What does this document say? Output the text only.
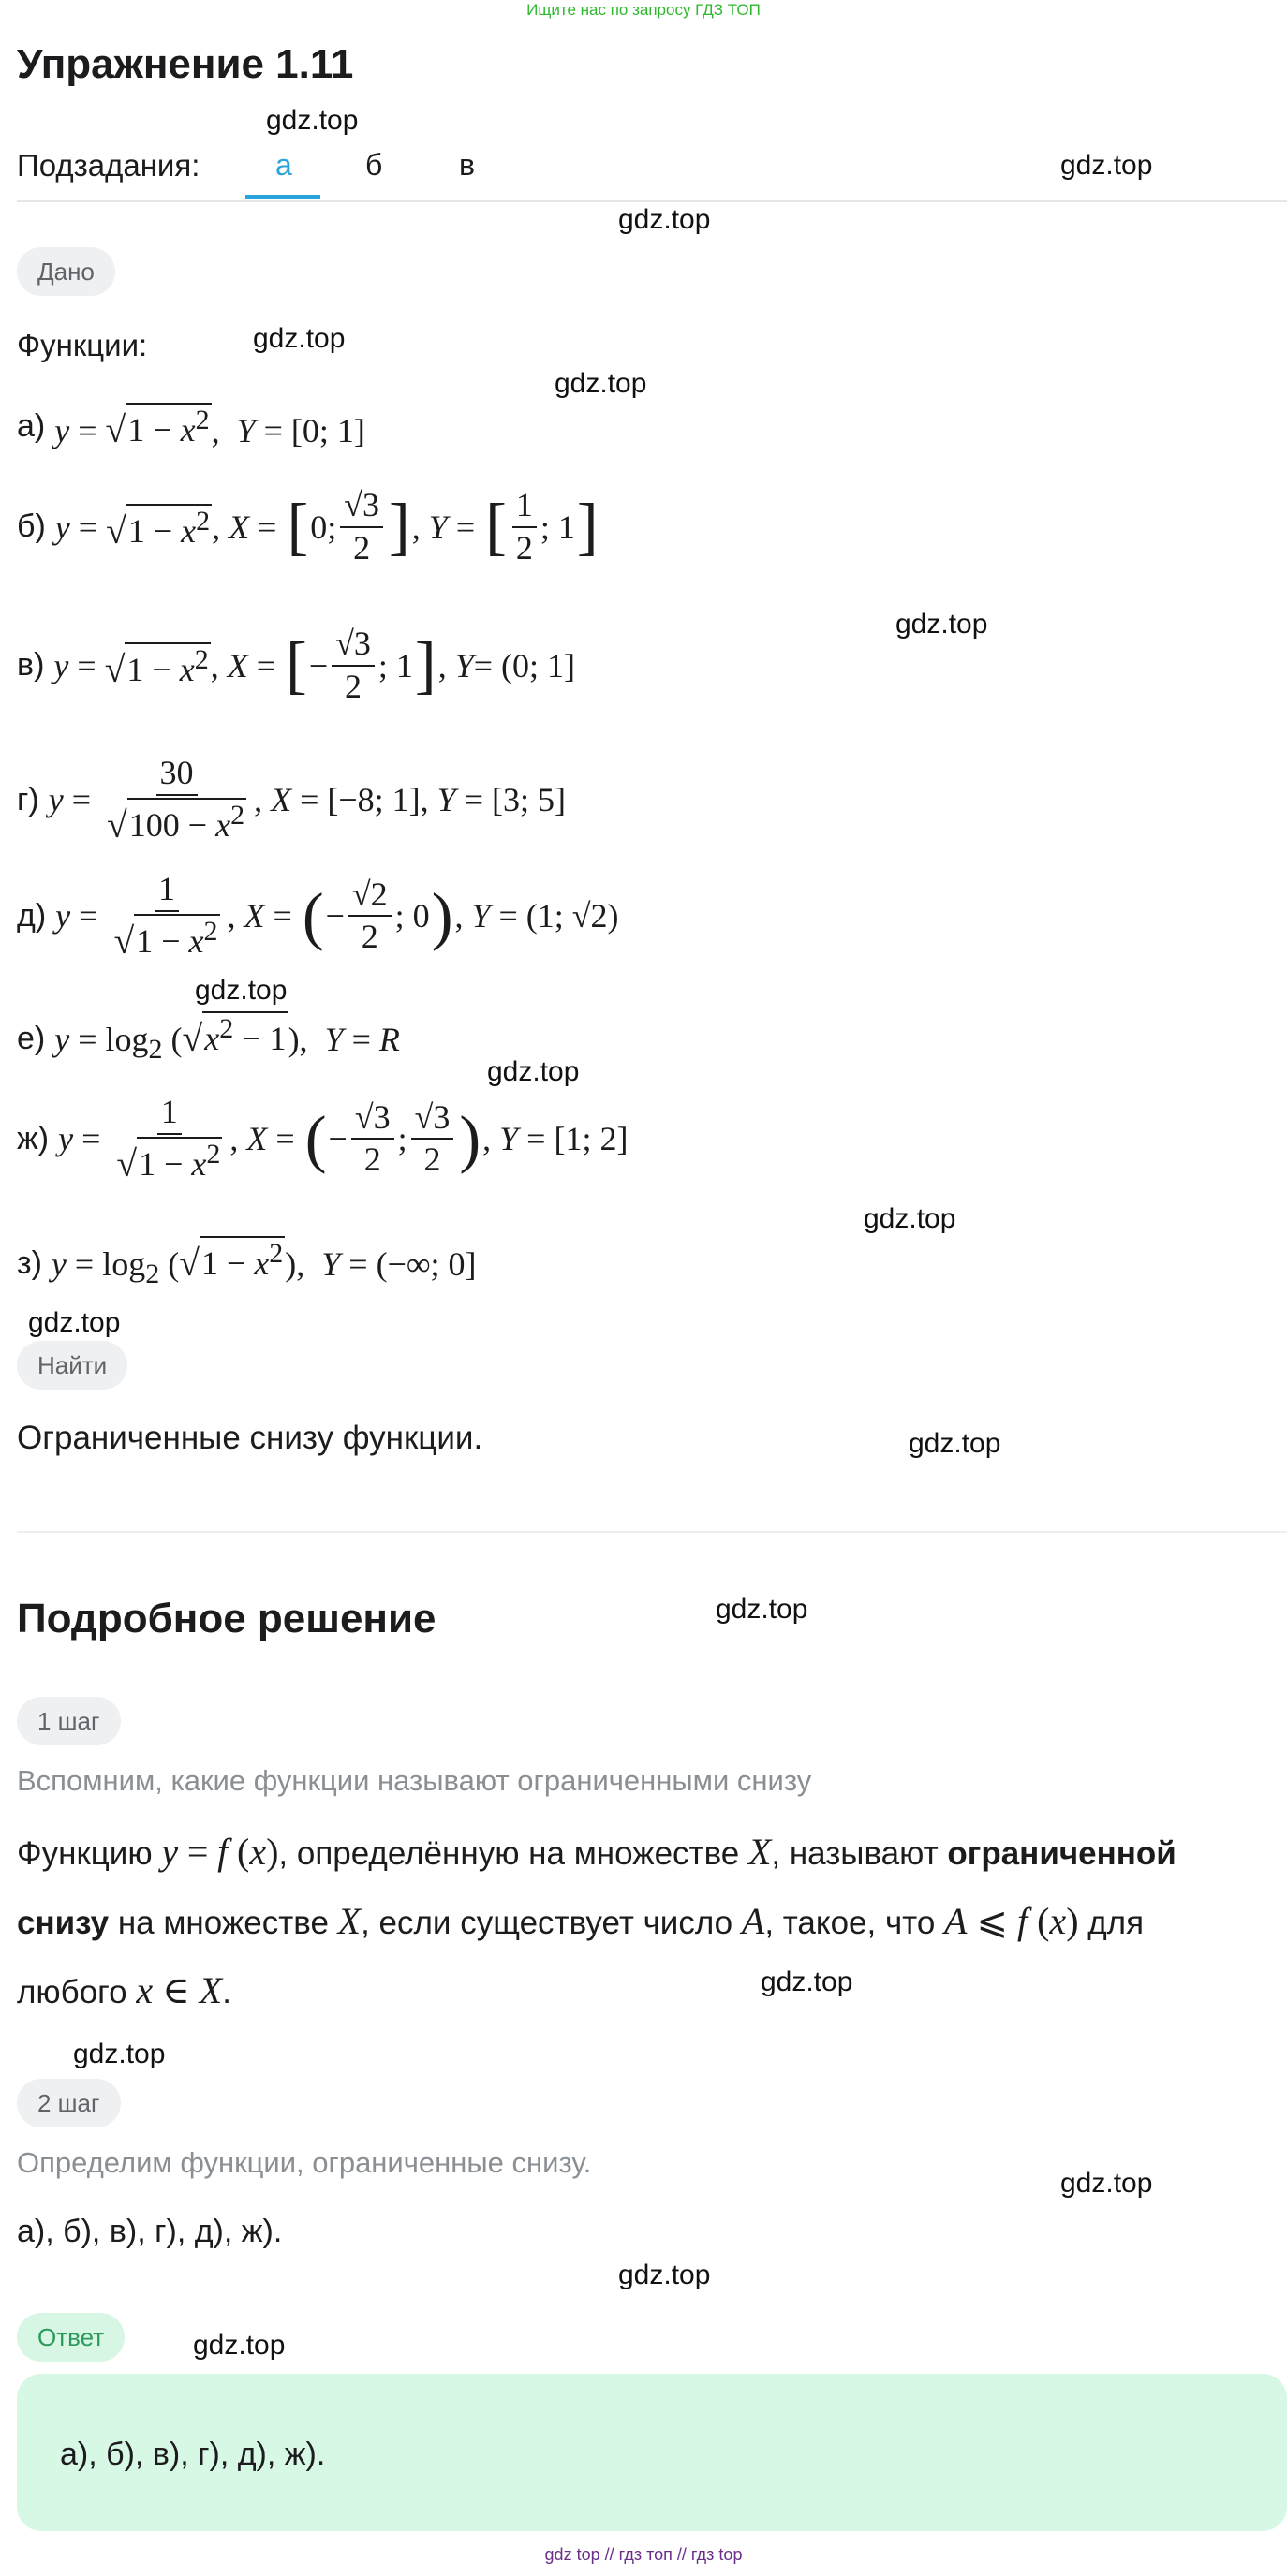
Ищите нас по запросу ГДЗ ТОП
Упражнение 1.11
Подзадания:	а б	в
gdz.top
gdz.top
gdz.top
gdz.top
gdz.top
gdz.top
gdz.top
gdz.top
gdz.top
gdz.top
gdz.top
gdz.top
gdz.top
gdz.top
gdz.top
gdz.top
gdz.top
Дано
Функции:
а) y = √ $1 - x^2$ ,  Y = [0; 1]
б) y = √ $1 - x^2$ , X = [ 0; $\frac{√3}{2}$ ] , Y = [ $\frac{1}{2}$ ; 1 ]
в) y = √ $1 - x^2$ , X = [ − $\frac{√3}{2}$ ; 1 ] , Y = (0; 1]
г) $y = \frac{30}{√ 100 - x^2}$ , X = [−8; 1], Y = [3; 5]
д) $y = \frac{1}{√ 1 - x^2}$ , X = ( − $\frac{√2}{2}$ ; 0 ) , Y = (1; √2)
е) $y = \log_2$ ( √ $x^2 - 1$ ),  Y = R
ж) $y = \frac{1}{√ 1 - x^2}$ , X = ( − $\frac{√3}{2}$ ; $\frac{√3}{2}$ ) , Y = [1; 2]
з) $y = \log_2$ ( √ $1 - x^2$ ),  Y = (−∞; 0]
Найти
Ограниченные снизу функции.
Подробное решение
1 шаг
Вспомним, какие функции называют ограниченными снизу
Функцию y = f (x), определённую на множестве X, называют ограниченной
снизу на множестве X, если существует число A, такое, что A ⩽ f (x) для
любого x ∈ X.
2 шаг
Определим функции, ограниченные снизу.
а), б), в), г), д), ж).
Ответ
а), б), в), г), д), ж).
gdz top // гдз топ // гдз top
